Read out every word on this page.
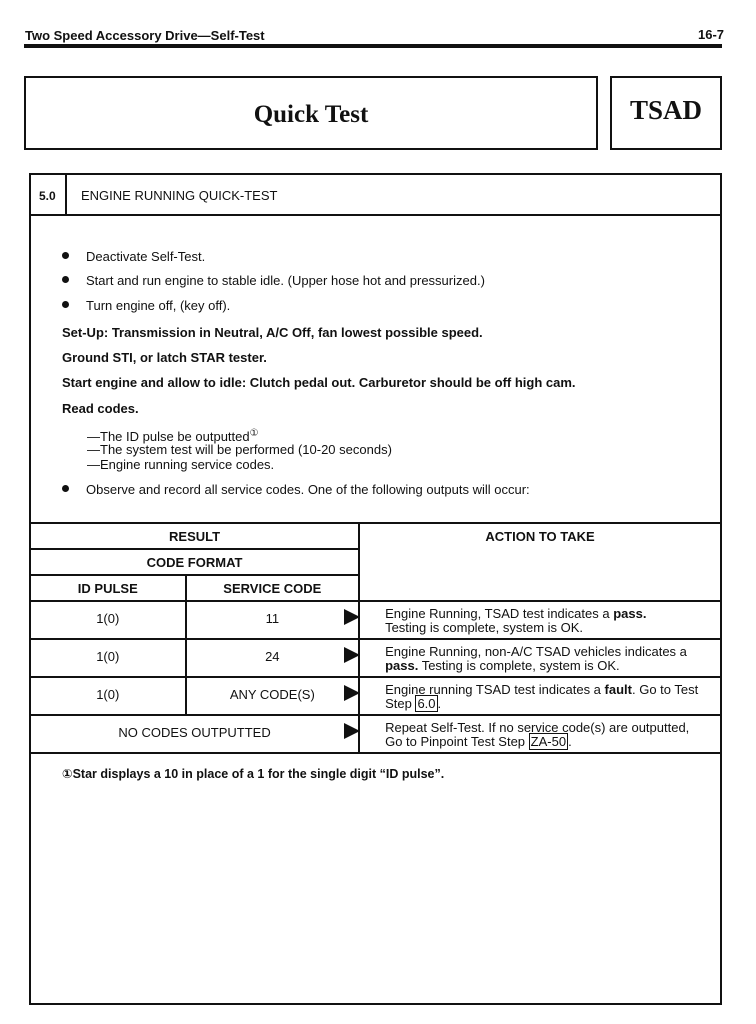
Two Speed Accessory Drive—Self-Test	16-7
Quick Test	TSAD
5.0 ENGINE RUNNING QUICK-TEST
Deactivate Self-Test.
Start and run engine to stable idle. (Upper hose hot and pressurized.)
Turn engine off, (key off).
Set-Up: Transmission in Neutral, A/C Off, fan lowest possible speed.
Ground STI, or latch STAR tester.
Start engine and allow to idle: Clutch pedal out. Carburetor should be off high cam.
Read codes.
—The ID pulse be outputted①
—The system test will be performed (10-20 seconds)
—Engine running service codes.
Observe and record all service codes. One of the following outputs will occur:
RESULT		ACTION TO TAKE
CODE FORMAT		
ID PULSE	SERVICE CODE	
1(0)	11	Engine Running, TSAD test indicates a pass.
Testing is complete, system is OK.
1(0)	24	Engine Running, non-A/C TSAD vehicles indicates a pass. Testing is complete, system is OK.
1(0)	ANY CODE(S)	Engine running TSAD test indicates a fault. Go to Test Step 6.0 .
NO CODES OUTPUTTED		Repeat Self-Test. If no service code(s) are outputted, Go to Pinpoint Test Step ZA-50 .
①Star displays a 10 in place of a 1 for the single digit “ID pulse”.
